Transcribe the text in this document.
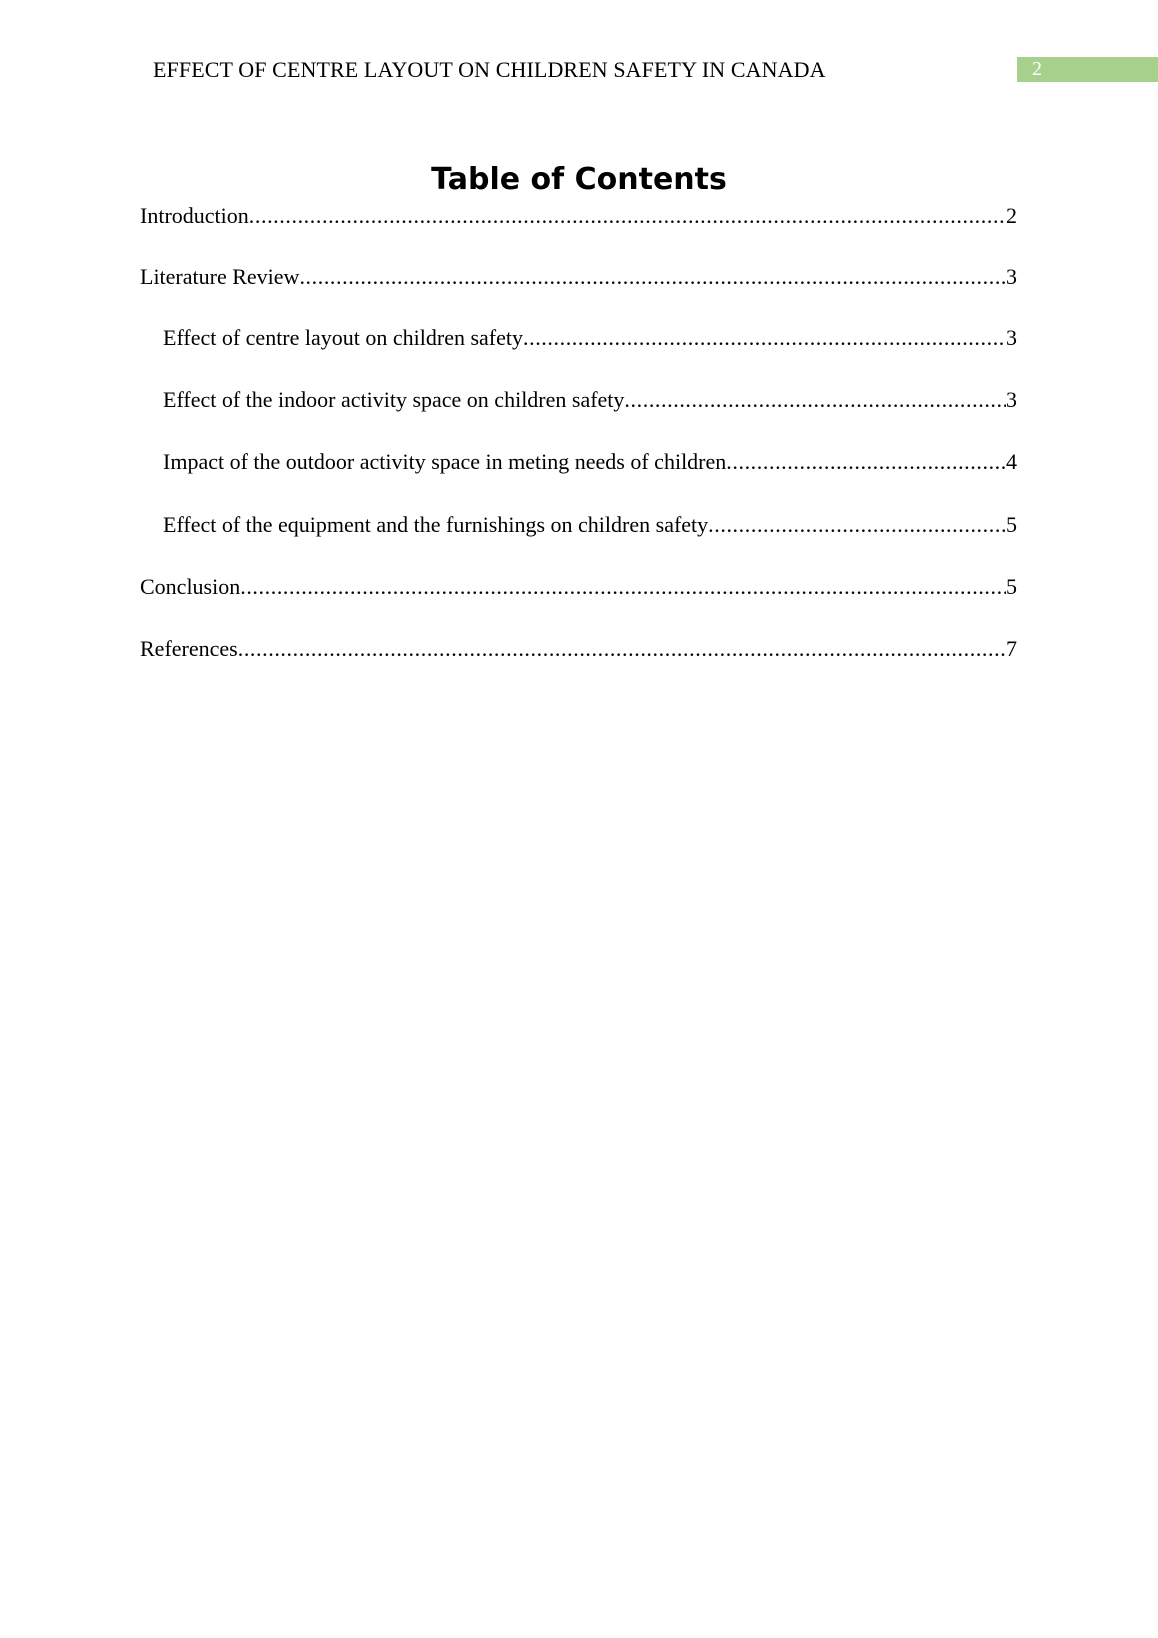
EFFECT OF CENTRE LAYOUT ON CHILDREN SAFETY IN CANADA	2
Table of Contents
Introduction .....	2
Literature Review .....	3
Effect of centre layout on children safety .....	3
Effect of the indoor activity space on children safety .....	3
Impact of the outdoor activity space in meting needs of children .....	4
Effect of the equipment and the furnishings on children safety .....	5
Conclusion .....	5
References .....	7
